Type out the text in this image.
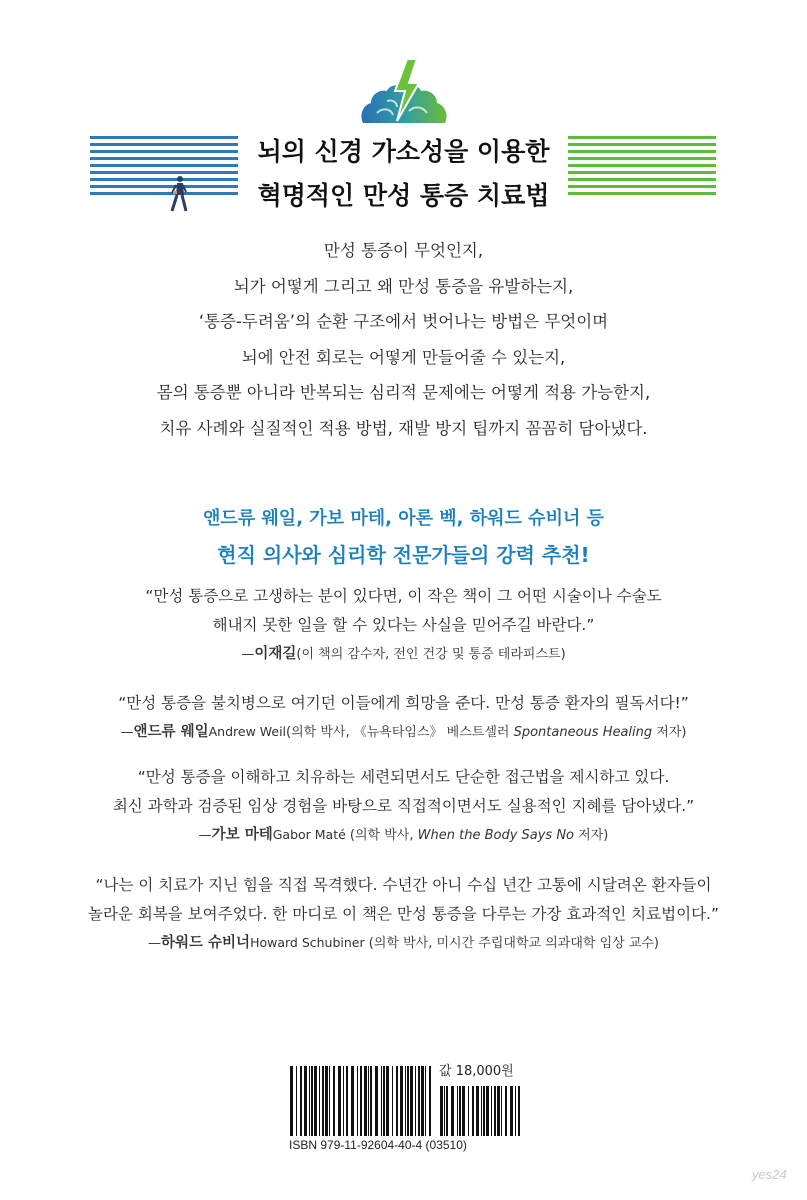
뇌의 신경 가소성을 이용한
혁명적인 만성 통증 치료법
만성 통증이 무엇인지,
뇌가 어떻게 그리고 왜 만성 통증을 유발하는지,
‘통증-두려움’의 순환 구조에서 벗어나는 방법은 무엇이며
뇌에 안전 회로는 어떻게 만들어줄 수 있는지,
몸의 통증뿐 아니라 반복되는 심리적 문제에는 어떻게 적용 가능한지,
치유 사례와 실질적인 적용 방법, 재발 방지 팁까지 꼼꼼히 담아냈다.
앤드류 웨일, 가보 마테, 아론 벡, 하워드 슈비너 등
현직 의사와 심리학 전문가들의 강력 추천!
“만성 통증으로 고생하는 분이 있다면, 이 작은 책이 그 어떤 시술이나 수술도
해내지 못한 일을 할 수 있다는 사실을 믿어주길 바란다.”
—이재길(이 책의 감수자, 전인 건강 및 통증 테라피스트)
“만성 통증을 불치병으로 여기던 이들에게 희망을 준다. 만성 통증 환자의 필독서다!”
—앤드류 웨일Andrew Weil(의학 박사, 《뉴욕타임스》 베스트셀러 Spontaneous Healing 저자)
“만성 통증을 이해하고 치유하는 세련되면서도 단순한 접근법을 제시하고 있다.
최신 과학과 검증된 임상 경험을 바탕으로 직접적이면서도 실용적인 지혜를 담아냈다.”
—가보 마테Gabor Maté (의학 박사, When the Body Says No 저자)
“나는 이 치료가 지닌 힘을 직접 목격했다. 수년간 아니 수십 년간 고통에 시달려온 환자들이
놀라운 회복을 보여주었다. 한 마디로 이 책은 만성 통증을 다루는 가장 효과적인 치료법이다.”
—하워드 슈비너Howard Schubiner (의학 박사, 미시간 주립대학교 의과대학 임상 교수)
값 18,000원
ISBN 979-11-92604-40-4 (03510)
yes24
